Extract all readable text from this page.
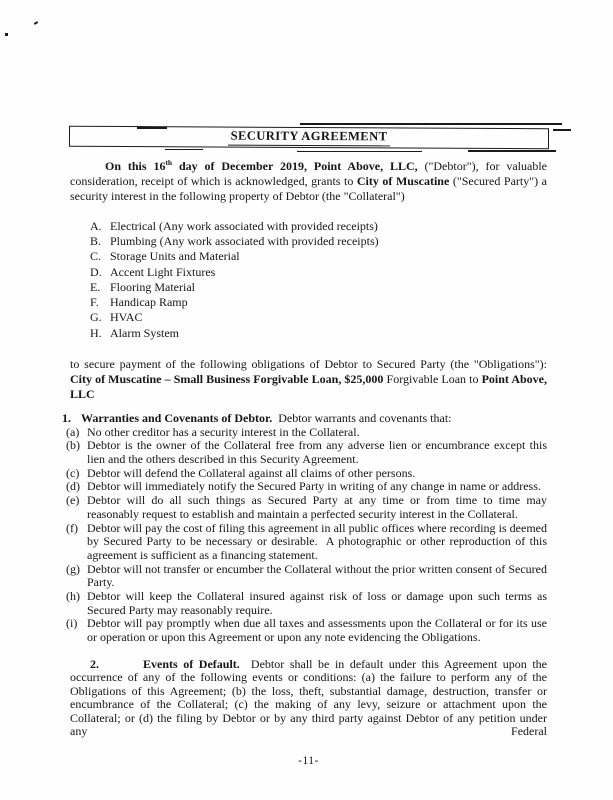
SECURITY AGREEMENT
On this 16th day of December 2019, Point Above, LLC, ("Debtor"), for valuable consideration, receipt of which is acknowledged, grants to City of Muscatine ("Secured Party") a security interest in the following property of Debtor (the "Collateral")
A. Electrical (Any work associated with provided receipts)
B. Plumbing (Any work associated with provided receipts)
C. Storage Units and Material
D. Accent Light Fixtures
E. Flooring Material
F. Handicap Ramp
G. HVAC
H. Alarm System
to secure payment of the following obligations of Debtor to Secured Party (the "Obligations"): City of Muscatine – Small Business Forgivable Loan, $25,000 Forgivable Loan to Point Above, LLC
1. Warranties and Covenants of Debtor.  Debtor warrants and covenants that:
(a) No other creditor has a security interest in the Collateral.
(b) Debtor is the owner of the Collateral free from any adverse lien or encumbrance except this lien and the others described in this Security Agreement.
(c) Debtor will defend the Collateral against all claims of other persons.
(d) Debtor will immediately notify the Secured Party in writing of any change in name or address.
(e) Debtor will do all such things as Secured Party at any time or from time to time may reasonably request to establish and maintain a perfected security interest in the Collateral.
(f) Debtor will pay the cost of filing this agreement in all public offices where recording is deemed by Secured Party to be necessary or desirable.  A photographic or other reproduction of this agreement is sufficient as a financing statement.
(g) Debtor will not transfer or encumber the Collateral without the prior written consent of Secured Party.
(h) Debtor will keep the Collateral insured against risk of loss or damage upon such terms as Secured Party may reasonably require.
(i) Debtor will pay promptly when due all taxes and assessments upon the Collateral or for its use or operation or upon this Agreement or upon any note evidencing the Obligations.
2.	Events of Default.  Debtor shall be in default under this Agreement upon the occurrence of any of the following events or conditions: (a) the failure to perform any of the Obligations of this Agreement; (b) the loss, theft, substantial damage, destruction, transfer or encumbrance of the Collateral; (c) the making of any levy, seizure or attachment upon the Collateral; or (d) the filing by Debtor or by any third party against Debtor of any petition under any Federal
-11-
